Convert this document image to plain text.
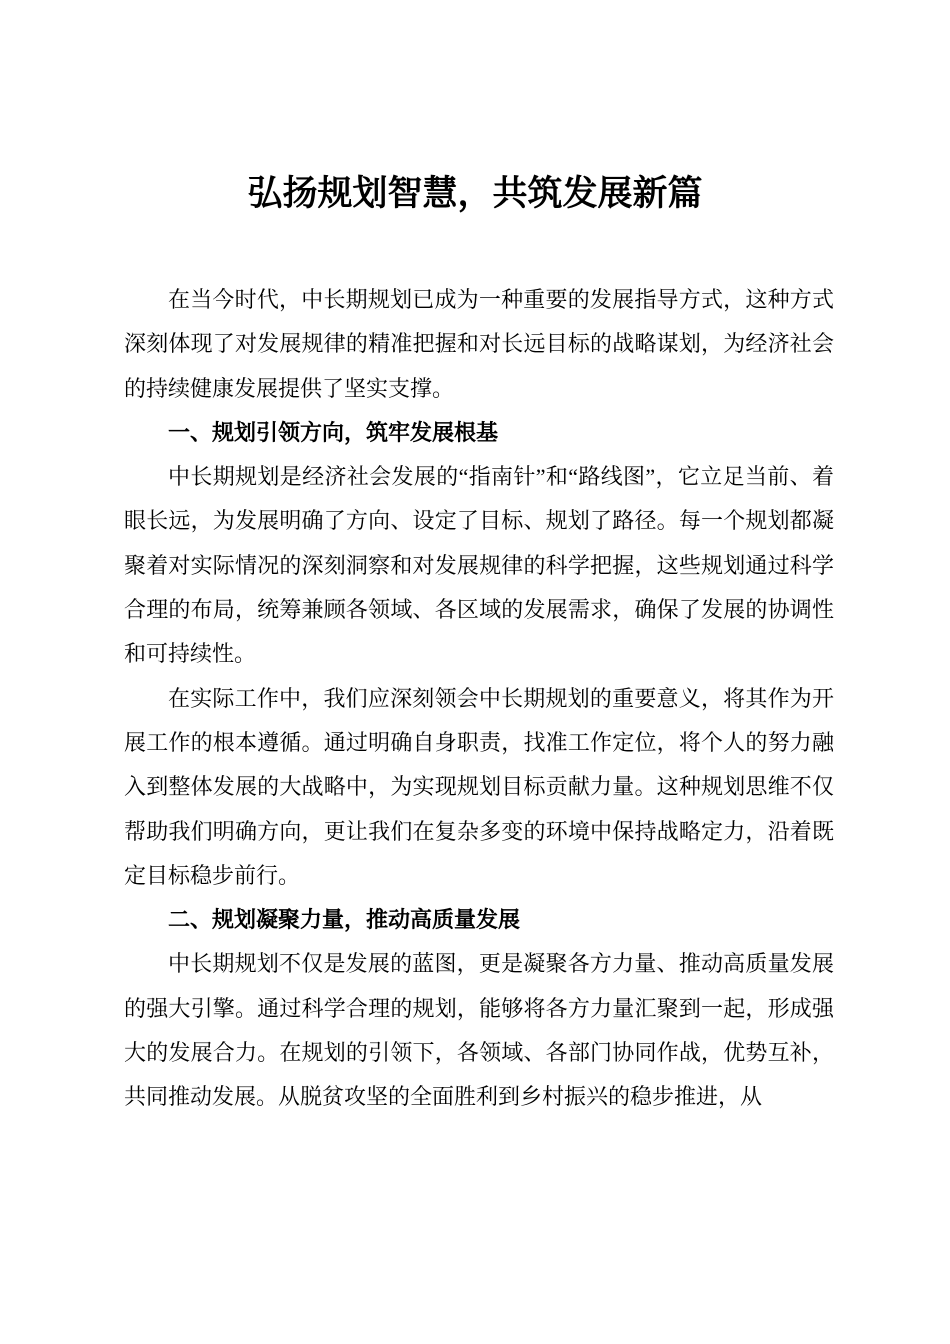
弘扬规划智慧，共筑发展新篇

在当今时代，中长期规划已成为一种重要的发展指导方式，这种方式深刻体现了对发展规律的精准把握和对长远目标的战略谋划，为经济社会的持续健康发展提供了坚实支撑。

一、规划引领方向，筑牢发展根基

中长期规划是经济社会发展的“指南针”和“路线图”，它立足当前、着眼长远，为发展明确了方向、设定了目标、规划了路径。每一个规划都凝聚着对实际情况的深刻洞察和对发展规律的科学把握，这些规划通过科学合理的布局，统筹兼顾各领域、各区域的发展需求，确保了发展的协调性和可持续性。

在实际工作中，我们应深刻领会中长期规划的重要意义，将其作为开展工作的根本遵循。通过明确自身职责，找准工作定位，将个人的努力融入到整体发展的大战略中，为实现规划目标贡献力量。这种规划思维不仅帮助我们明确方向，更让我们在复杂多变的环境中保持战略定力，沿着既定目标稳步前行。

二、规划凝聚力量，推动高质量发展

中长期规划不仅是发展的蓝图，更是凝聚各方力量、推动高质量发展的强大引擎。通过科学合理的规划，能够将各方力量汇聚到一起，形成强大的发展合力。在规划的引领下，各领域、各部门协同作战，优势互补，共同推动发展。从脱贫攻坚的全面胜利到乡村振兴的稳步推进，从
